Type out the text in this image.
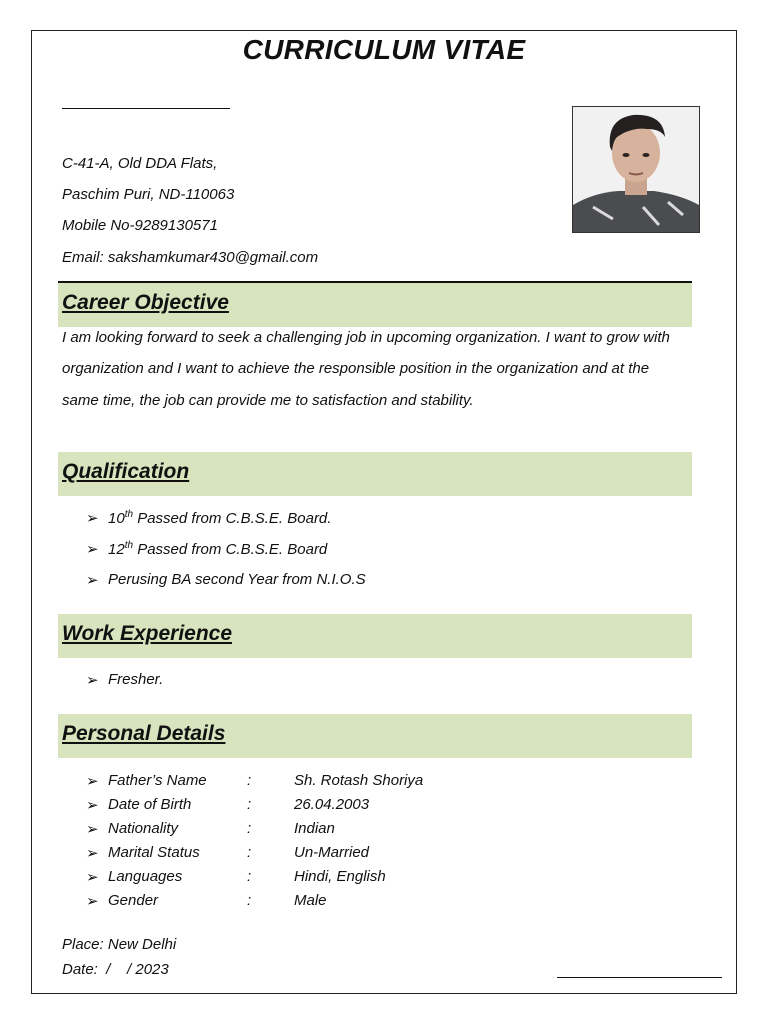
CURRICULUM VITAE
C-41-A, Old DDA Flats,
Paschim Puri, ND-110063
Mobile No-9289130571
Email: sakshamkumar430@gmail.com
Career Objective
I am looking forward to seek a challenging job in upcoming organization. I want to grow with organization and I want to achieve the responsible position in the organization and at the same time, the job can provide me to satisfaction and stability.
Qualification
➢ 10th Passed from C.B.S.E. Board.
➢ 12th Passed from C.B.S.E. Board
➢ Perusing BA second Year from N.I.O.S
Work Experience
➢ Fresher.
Personal Details
➢ Father’s Name	:	Sh. Rotash Shoriya
➢ Date of Birth	:	26.04.2003
➢ Nationality	:	Indian
➢ Marital Status	:	Un-Married
➢ Languages	:	Hindi, English
➢ Gender	:	Male
Place: New Delhi
Date:  /    / 2023
